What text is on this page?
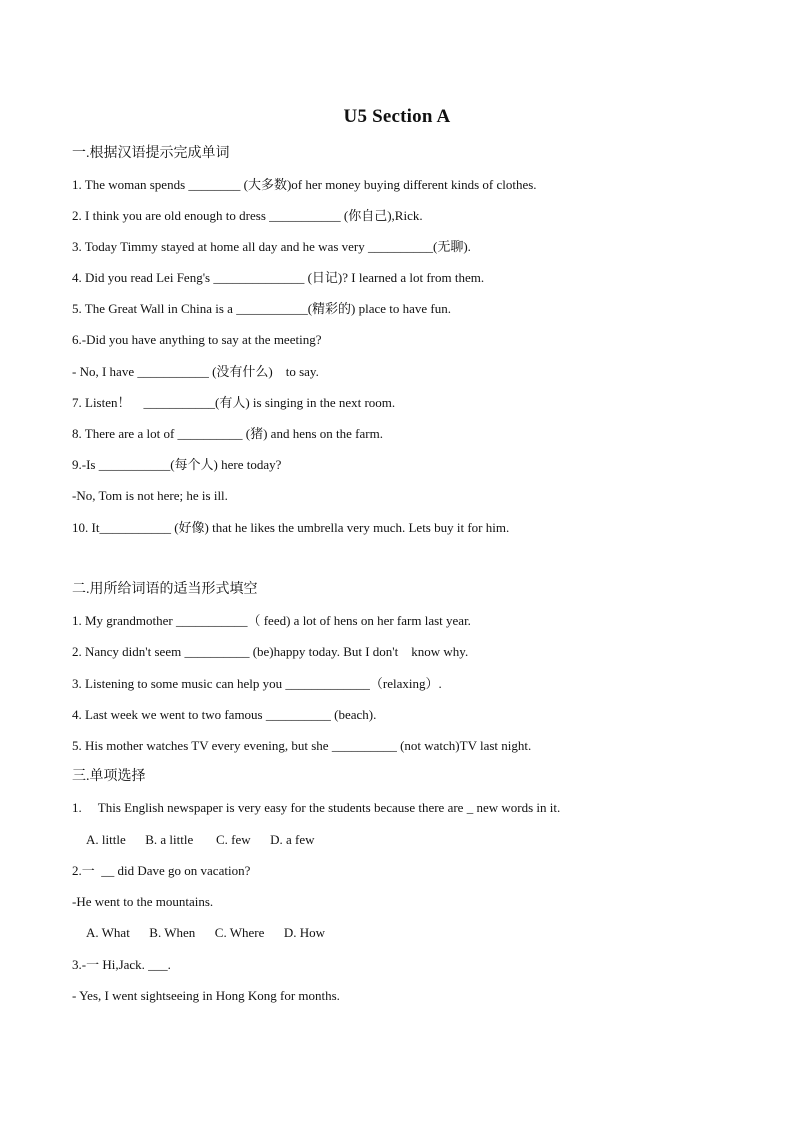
U5 Section A
一.根据汉语提示完成单词
1. The woman spends ________ (大多数)of her money buying different kinds of clothes.
2. I think you are old enough to dress ___________ (你自己),Rick.
3. Today Timmy stayed at home all day and he was very __________(无聊).
4. Did you read Lei Feng's ______________ (日记)? I learned a lot from them.
5. The Great Wall in China is a ___________(精彩的) place to have fun.
6.-Did you have anything to say at the meeting?
- No, I have ___________ (没有什么)    to say.
7. Listen！    ___________(有人) is singing in the next room.
8. There are a lot of __________ (猪) and hens on the farm.
9.-Is ___________(每个人) here today?
-No, Tom is not here; he is ill.
10. It___________ (好像) that he likes the umbrella very much. Lets buy it for him.
二.用所给词语的适当形式填空
1. My grandmother ___________（ feed) a lot of hens on her farm last year.
2. Nancy didn't seem __________ (be)happy today. But I don't    know why.
3. Listening to some music can help you _____________（relaxing）.
4. Last week we went to two famous __________ (beach).
5. His mother watches TV every evening, but she __________ (not watch)TV last night.
三.单项选择
1.     This English newspaper is very easy for the students because there are _ new words in it.
A. little      B. a little       C. few      D. a few
2.一  __ did Dave go on vacation?
-He went to the mountains.
A. What      B. When      C. Where      D. How
3.-一 Hi,Jack. ___.
- Yes, I went sightseeing in Hong Kong for months.
